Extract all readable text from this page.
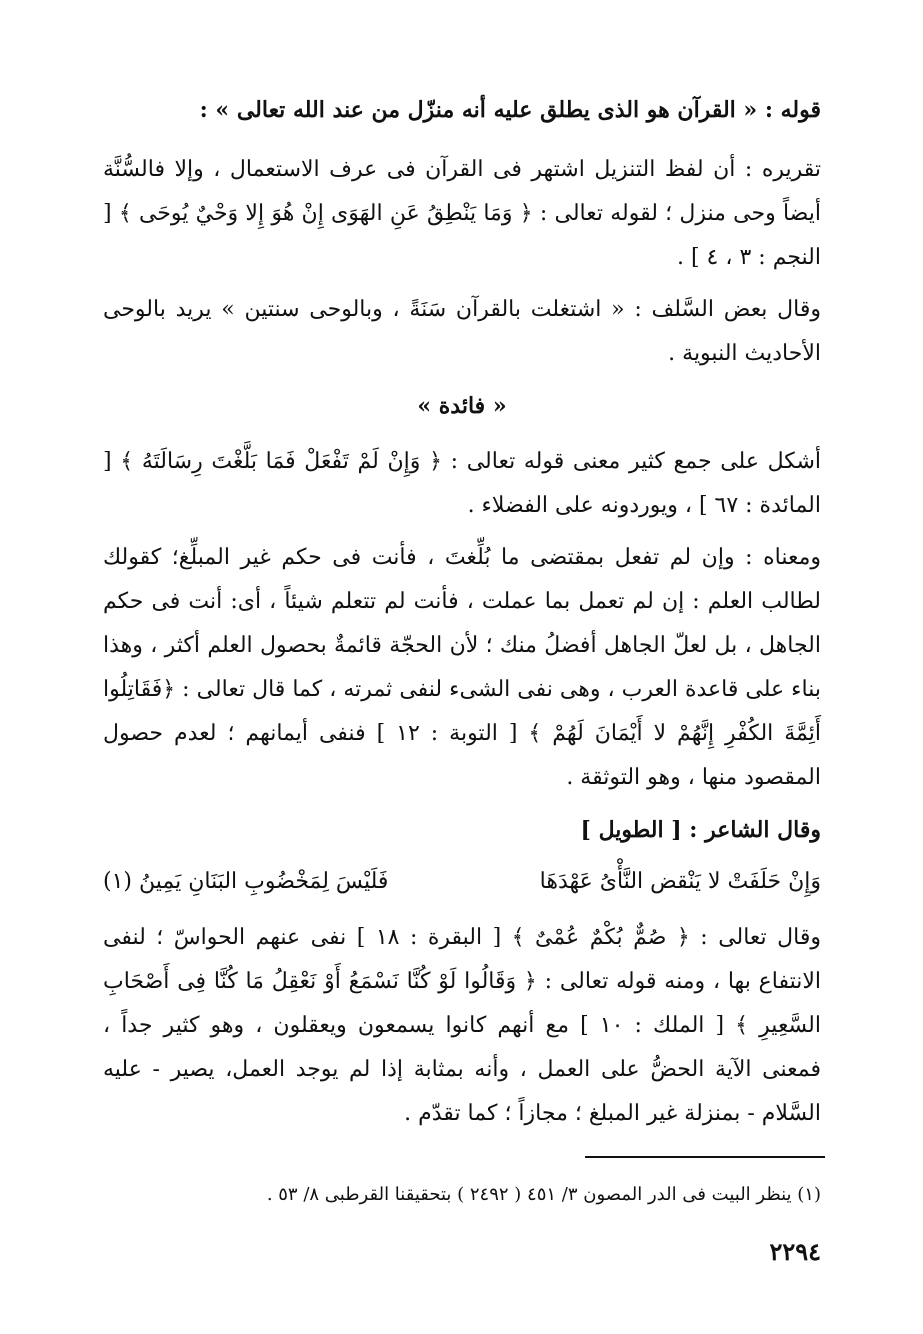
قوله : « القرآن هو الذى يطلق عليه أنه منزّل من عند الله تعالى » :
تقريره : أن لفظ التنزيل اشتهر فى القرآن فى عرف الاستعمال ، وإلا فالسُّنَّة أيضاً وحى منزل ؛ لقوله تعالى : ﴿ وَمَا يَنْطِقُ عَنِ الهَوَى إِنْ هُوَ إِلا وَحْيٌ يُوحَى ﴾ [ النجم : ٣ ، ٤ ] .
وقال بعض السَّلف : « اشتغلت بالقرآن سَنَةً ، وبالوحى سنتين » يريد بالوحى الأحاديث النبوية .
« فائدة »
أشكل على جمع كثير معنى قوله تعالى : ﴿ وَإِنْ لَمْ تَفْعَلْ فَمَا بَلَّغْتَ رِسَالَتَهُ ﴾ [ المائدة : ٦٧ ] ، ويوردونه على الفضلاء .
ومعناه : وإن لم تفعل بمقتضى ما بُلِّغتَ ، فأنت فى حكم غير المبلِّغ؛ كقولك لطالب العلم : إن لم تعمل بما عملت ، فأنت لم تتعلم شيئاً ، أى: أنت فى حكم الجاهل ، بل لعلّ الجاهل أفضلُ منك ؛ لأن الحجّة قائمةٌ بحصول العلم أكثر ، وهذا بناء على قاعدة العرب ، وهى نفى الشىء لنفى ثمرته ، كما قال تعالى : ﴿فَقَاتِلُوا أَئِمَّةَ الكُفْرِ إِنَّهُمْ لا أَيْمَانَ لَهُمْ ﴾ [ التوبة : ١٢ ] فنفى أيمانهم ؛ لعدم حصول المقصود منها ، وهو التوثقة .
وقال الشاعر : [ الطويل ]
وَإِنْ حَلَفَتْ لا يَنْقض النَّأْىُ عَهْدَهَا
فَلَيْسَ لِمَخْضُوبِ البَنَانِ يَمِينُ (١)
وقال تعالى : ﴿ صُمٌّ بُكْمٌ عُمْىٌ ﴾ [ البقرة : ١٨ ] نفى عنهم الحواسّ ؛ لنفى الانتفاع بها ، ومنه قوله تعالى : ﴿ وَقَالُوا لَوْ كُنَّا نَسْمَعُ أَوْ نَعْقِلُ مَا كُنَّا فِى أَصْحَابِ السَّعِيرِ ﴾ [ الملك : ١٠ ] مع أنهم كانوا يسمعون ويعقلون ، وهو كثير جداً ، فمعنى الآية الحضُّ على العمل ، وأنه بمثابة إذا لم يوجد العمل، يصير - عليه السَّلام - بمنزلة غير المبلغ ؛ مجازاً ؛ كما تقدّم .
(١) ينظر البيت فى الدر المصون ٣/ ٤٥١ ( ٢٤٩٢ ) بتحقيقنا القرطبى ٨/ ٥٣ .
٢٢٩٤
